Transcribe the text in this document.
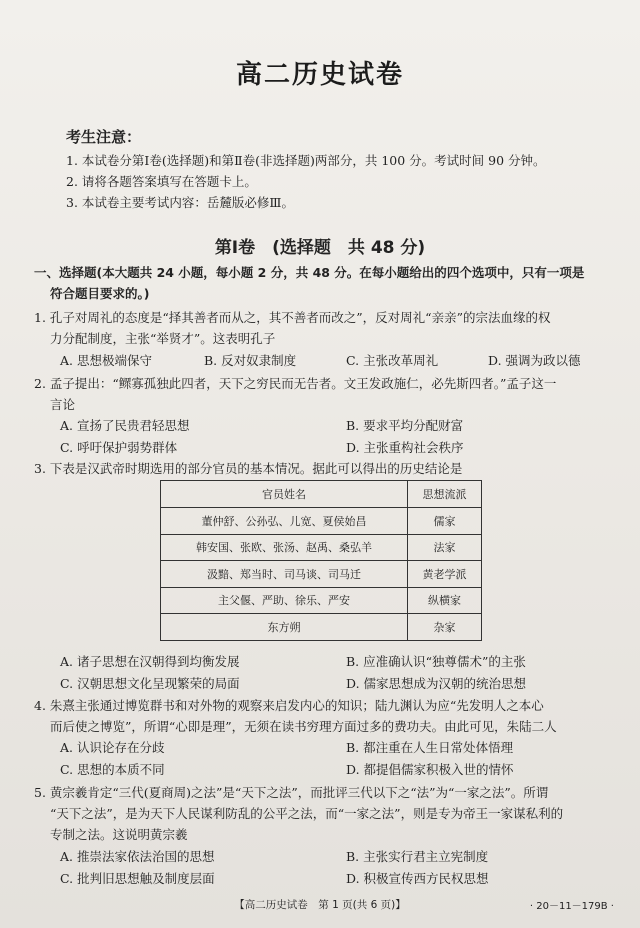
高二历史试卷
考生注意：
1. 本试卷分第Ⅰ卷(选择题)和第Ⅱ卷(非选择题)两部分，共 100 分。考试时间 90 分钟。
2. 请将各题答案填写在答题卡上。
3. 本试卷主要考试内容：岳麓版必修Ⅲ。
第Ⅰ卷　(选择题　共 48 分)
一、选择题(本大题共 24 小题，每小题 2 分，共 48 分。在每小题给出的四个选项中，只有一项是
符合题目要求的。)
1. 孔子对周礼的态度是“择其善者而从之，其不善者而改之”，反对周礼“亲亲”的宗法血缘的权
力分配制度，主张“举贤才”。这表明孔子
A. 思想极端保守	B. 反对奴隶制度	C. 主张改革周礼	D. 强调为政以德
2. 孟子提出：“鳏寡孤独此四者，天下之穷民而无告者。文王发政施仁，必先斯四者。”孟子这一
言论
A. 宣扬了民贵君轻思想	B. 要求平均分配财富
C. 呼吁保护弱势群体	D. 主张重构社会秩序
3. 下表是汉武帝时期选用的部分官员的基本情况。据此可以得出的历史结论是
官员姓名	思想流派
董仲舒、公孙弘、儿宽、夏侯始昌	儒家
韩安国、张欧、张汤、赵禹、桑弘羊	法家
汲黯、郑当时、司马谈、司马迁	黄老学派
主父偃、严助、徐乐、严安	纵横家
东方朔	杂家
A. 诸子思想在汉朝得到均衡发展	B. 应准确认识“独尊儒术”的主张
C. 汉朝思想文化呈现繁荣的局面	D. 儒家思想成为汉朝的统治思想
4. 朱熹主张通过博览群书和对外物的观察来启发内心的知识；陆九渊认为应“先发明人之本心
而后使之博览”，所谓“心即是理”，无须在读书穷理方面过多的费功夫。由此可见，朱陆二人
A. 认识论存在分歧	B. 都注重在人生日常处体悟理
C. 思想的本质不同	D. 都提倡儒家积极入世的情怀
5. 黄宗羲肯定“三代(夏商周)之法”是“天下之法”，而批评三代以下之“法”为“一家之法”。所谓
“天下之法”，是为天下人民谋利防乱的公平之法，而“一家之法”，则是专为帝王一家谋私利的
专制之法。这说明黄宗羲
A. 推崇法家依法治国的思想	B. 主张实行君主立宪制度
C. 批判旧思想触及制度层面	D. 积极宣传西方民权思想
【高二历史试卷　第 1 页(共 6 页)】	· 20－11－179B ·
